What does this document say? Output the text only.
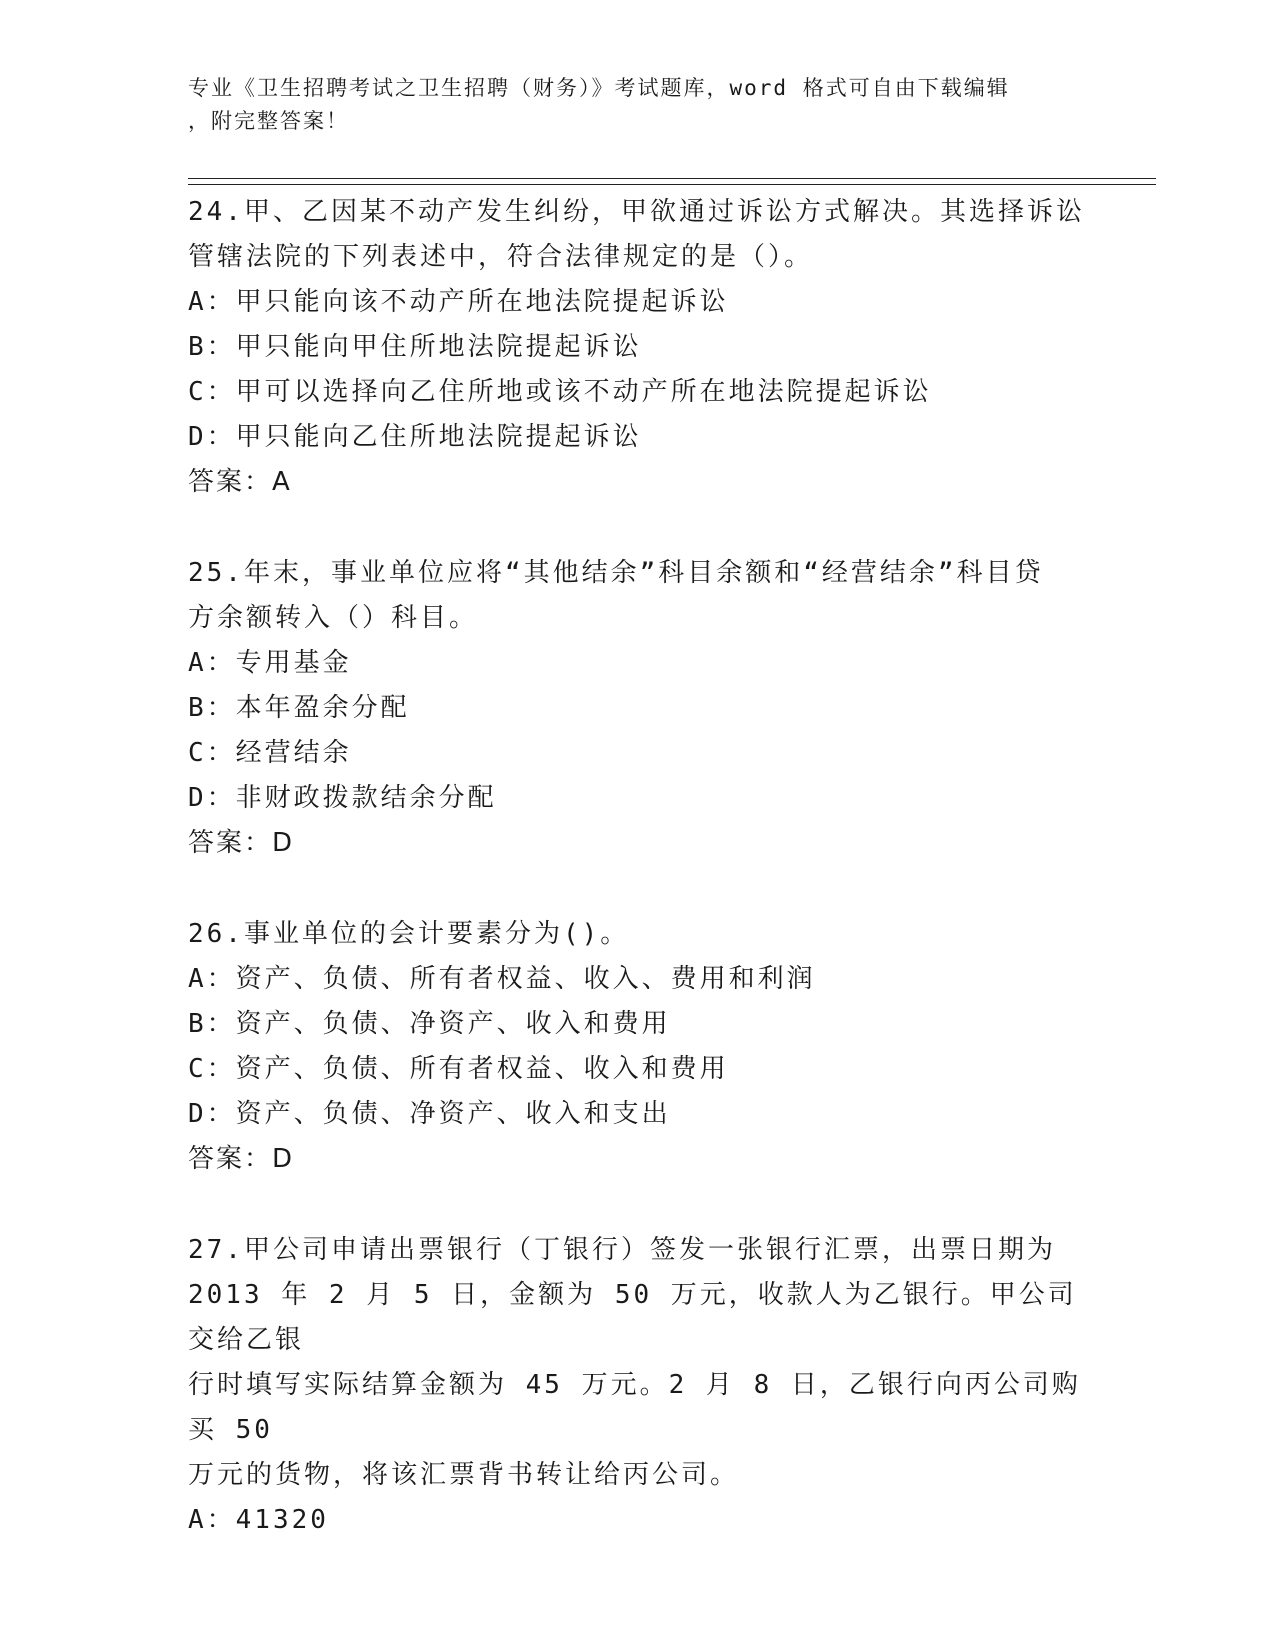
专业《卫生招聘考试之卫生招聘（财务）》考试题库，word 格式可自由下载编辑
，附完整答案！

24.甲、乙因某不动产发生纠纷，甲欲通过诉讼方式解决。其选择诉讼

管辖法院的下列表述中，符合法律规定的是（）。

A：甲只能向该不动产所在地法院提起诉讼

B：甲只能向甲住所地法院提起诉讼

C：甲可以选择向乙住所地或该不动产所在地法院提起诉讼

D：甲只能向乙住所地法院提起诉讼

答案：A

25.年末，事业单位应将“其他结余”科目余额和“经营结余”科目贷

方余额转入（）科目。

A：专用基金

B：本年盈余分配

C：经营结余

D：非财政拨款结余分配

答案：D

26.事业单位的会计要素分为()。

A：资产、负债、所有者权益、收入、费用和利润

B：资产、负债、净资产、收入和费用

C：资产、负债、所有者权益、收入和费用

D：资产、负债、净资产、收入和支出

答案：D

27.甲公司申请出票银行（丁银行）签发一张银行汇票，出票日期为

2013 年 2 月 5 日，金额为 50 万元，收款人为乙银行。甲公司交给乙银

行时填写实际结算金额为 45 万元。2 月 8 日，乙银行向丙公司购买 50

万元的货物，将该汇票背书转让给丙公司。

A：41320
